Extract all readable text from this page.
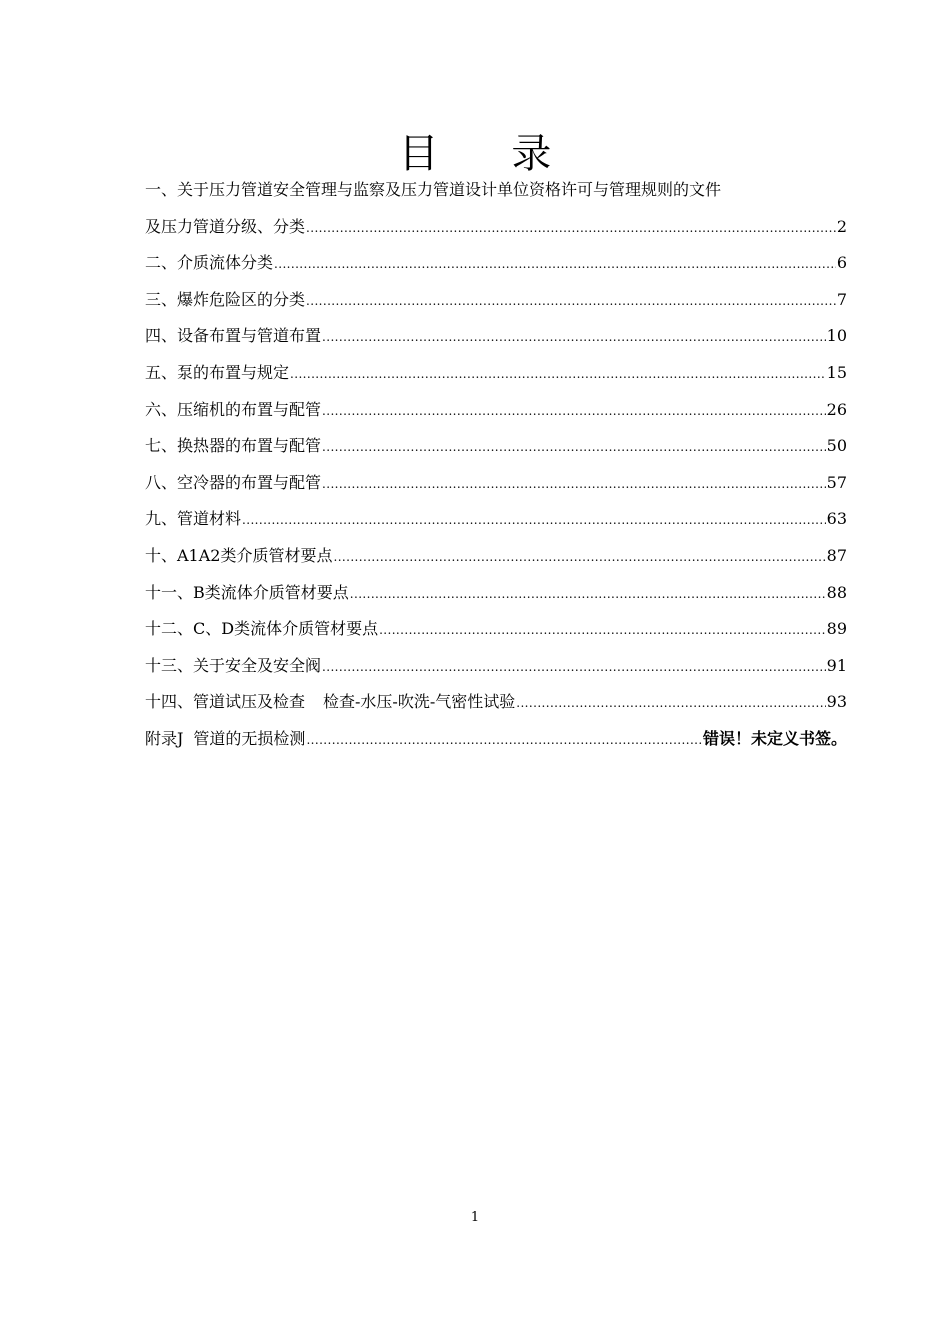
目 录
一、关于压力管道安全管理与监察及压力管道设计单位资格许可与管理规则的文件
及压力管道分级、分类 .....	2
二、介质流体分类 .....	6
三、爆炸危险区的分类 .....	7
四、设备布置与管道布置 .....	10
五、泵的布置与规定 .....	15
六、压缩机的布置与配管 .....	26
七、换热器的布置与配管 .....	50
八、空冷器的布置与配管 .....	57
九、管道材料 .....	63
十、A1A2类介质管材要点 .....	87
十一、B类流体介质管材要点 .....	88
十二、C、D类流体介质管材要点 .....	89
十三、关于安全及安全阀 .....	91
十四、管道试压及检查 检查-水压-吹洗-气密性试验 .....	93
附录J 管道的无损检测 .....	错误！未定义书签。
1
